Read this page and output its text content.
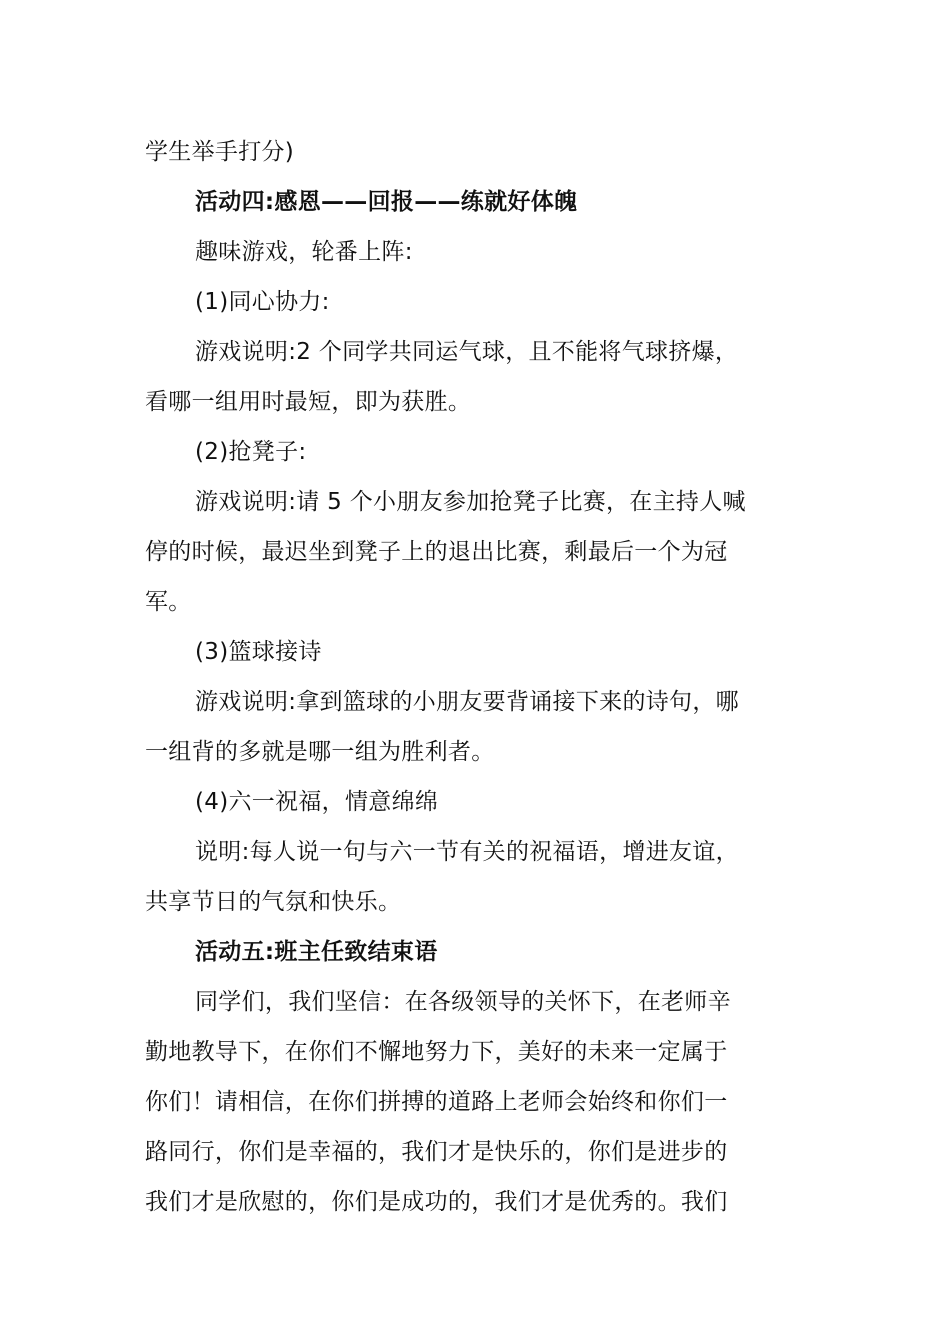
学生举手打分)
活动四:感恩——回报——练就好体魄
趣味游戏，轮番上阵:
(1)同心协力:
游戏说明:2 个同学共同运气球，且不能将气球挤爆，
看哪一组用时最短，即为获胜。
(2)抢凳子:
游戏说明:请 5 个小朋友参加抢凳子比赛，在主持人喊
停的时候，最迟坐到凳子上的退出比赛，剩最后一个为冠
军。
(3)篮球接诗
游戏说明:拿到篮球的小朋友要背诵接下来的诗句，哪
一组背的多就是哪一组为胜利者。
(4)六一祝福，情意绵绵
说明:每人说一句与六一节有关的祝福语，增进友谊，
共享节日的气氛和快乐。
活动五:班主任致结束语
同学们，我们坚信：在各级领导的关怀下，在老师辛
勤地教导下，在你们不懈地努力下，美好的未来一定属于
你们！请相信，在你们拼搏的道路上老师会始终和你们一
路同行，你们是幸福的，我们才是快乐的，你们是进步的
我们才是欣慰的，你们是成功的，我们才是优秀的。我们
